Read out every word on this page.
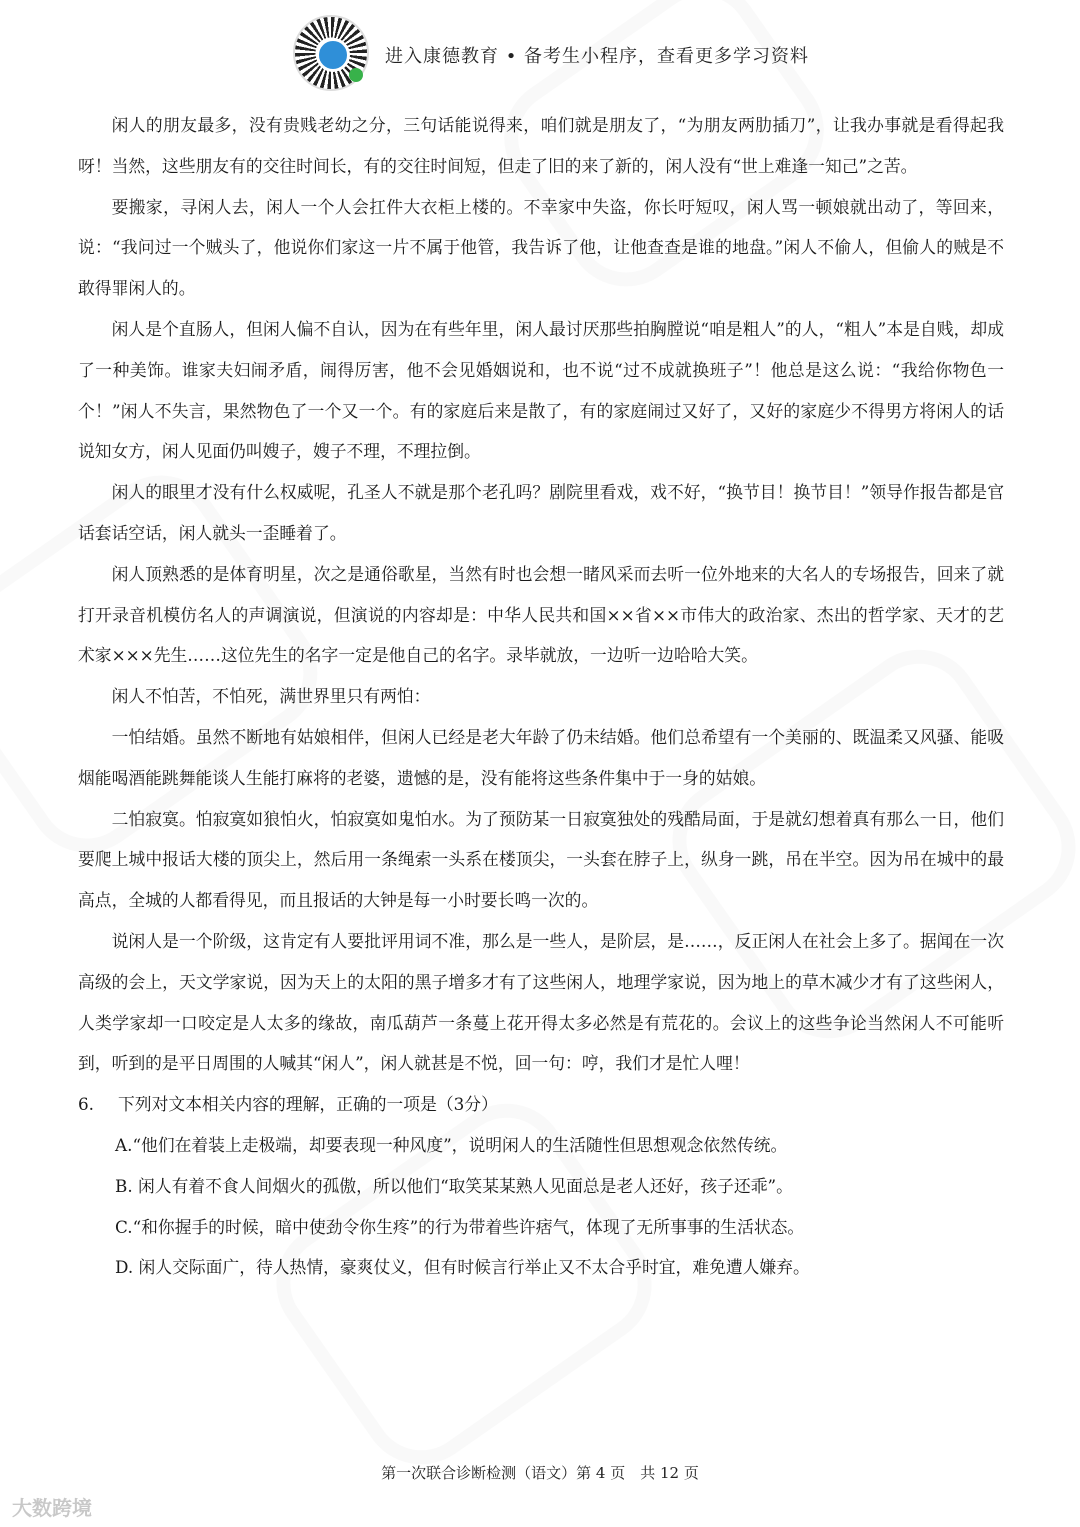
进入康德教育 • 备考生小程序，查看更多学习资料

闲人的朋友最多，没有贵贱老幼之分，三句话能说得来，咱们就是朋友了，“为朋友两肋插刀”，让我办事就是看得起我呀！当然，这些朋友有的交往时间长，有的交往时间短，但走了旧的来了新的，闲人没有“世上难逢一知己”之苦。

要搬家，寻闲人去，闲人一个人会扛件大衣柜上楼的。不幸家中失盗，你长吁短叹，闲人骂一顿娘就出动了，等回来，说：“我问过一个贼头了，他说你们家这一片不属于他管，我告诉了他，让他查查是谁的地盘。”闲人不偷人，但偷人的贼是不敢得罪闲人的。

闲人是个直肠人，但闲人偏不自认，因为在有些年里，闲人最讨厌那些拍胸膛说“咱是粗人”的人，“粗人”本是自贱，却成了一种美饰。谁家夫妇闹矛盾，闹得厉害，他不会见婚姻说和，也不说“过不成就换班子”！他总是这么说：“我给你物色一个！”闲人不失言，果然物色了一个又一个。有的家庭后来是散了，有的家庭闹过又好了，又好的家庭少不得男方将闲人的话说知女方，闲人见面仍叫嫂子，嫂子不理，不理拉倒。

闲人的眼里才没有什么权威呢，孔圣人不就是那个老孔吗？剧院里看戏，戏不好，“换节目！换节目！”领导作报告都是官话套话空话，闲人就头一歪睡着了。

闲人顶熟悉的是体育明星，次之是通俗歌星，当然有时也会想一睹风采而去听一位外地来的大名人的专场报告，回来了就打开录音机模仿名人的声调演说，但演说的内容却是：中华人民共和国××省××市伟大的政治家、杰出的哲学家、天才的艺术家×××先生……这位先生的名字一定是他自己的名字。录毕就放，一边听一边哈哈大笑。

闲人不怕苦，不怕死，满世界里只有两怕：

一怕结婚。虽然不断地有姑娘相伴，但闲人已经是老大年龄了仍未结婚。他们总希望有一个美丽的、既温柔又风骚、能吸烟能喝酒能跳舞能谈人生能打麻将的老婆，遗憾的是，没有能将这些条件集中于一身的姑娘。

二怕寂寞。怕寂寞如狼怕火，怕寂寞如鬼怕水。为了预防某一日寂寞独处的残酷局面，于是就幻想着真有那么一日，他们要爬上城中报话大楼的顶尖上，然后用一条绳索一头系在楼顶尖，一头套在脖子上，纵身一跳，吊在半空。因为吊在城中的最高点，全城的人都看得见，而且报话的大钟是每一小时要长鸣一次的。

说闲人是一个阶级，这肯定有人要批评用词不准，那么是一些人，是阶层，是……，反正闲人在社会上多了。据闻在一次高级的会上，天文学家说，因为天上的太阳的黑子增多才有了这些闲人，地理学家说，因为地上的草木减少才有了这些闲人，人类学家却一口咬定是人太多的缘故，南瓜葫芦一条蔓上花开得太多必然是有荒花的。会议上的这些争论当然闲人不可能听到，听到的是平日周围的人喊其“闲人”，闲人就甚是不悦，回一句：哼，我们才是忙人哩！

6. 下列对文本相关内容的理解，正确的一项是（3分）

A.“他们在着装上走极端，却要表现一种风度”，说明闲人的生活随性但思想观念依然传统。

B. 闲人有着不食人间烟火的孤傲，所以他们“取笑某某熟人见面总是老人还好，孩子还乖”。

C.“和你握手的时候，暗中使劲令你生疼”的行为带着些许痞气，体现了无所事事的生活状态。

D. 闲人交际面广，待人热情，豪爽仗义，但有时候言行举止又不太合乎时宜，难免遭人嫌弃。

第一次联合诊断检测（语文）第 4 页　共 12 页
大数跨境
